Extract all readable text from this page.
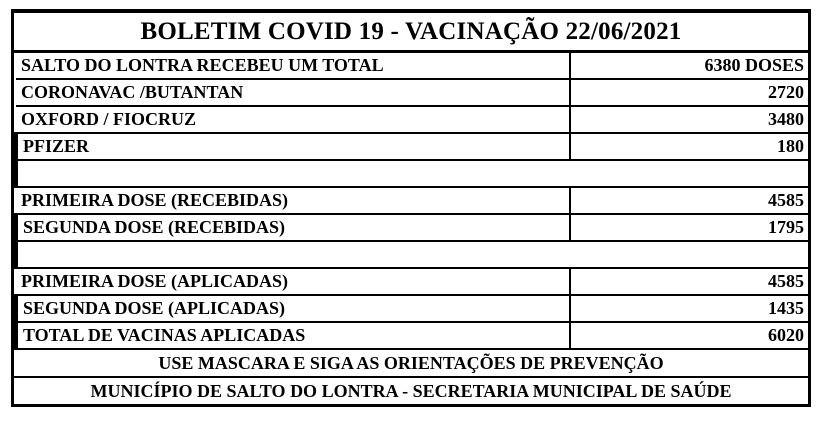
BOLETIM COVID 19 - VACINAÇÃO 22/06/2021
SALTO DO LONTRA RECEBEU UM TOTAL	6380 DOSES
CORONAVAC /BUTANTAN	2720
OXFORD / FIOCRUZ	3480
PFIZER	180

PRIMEIRA DOSE (RECEBIDAS)	4585
SEGUNDA DOSE (RECEBIDAS)	1795

PRIMEIRA DOSE (APLICADAS)	4585
SEGUNDA DOSE (APLICADAS)	1435
TOTAL DE VACINAS APLICADAS	6020
USE MASCARA E SIGA AS ORIENTAÇÕES DE PREVENÇÃO
MUNICÍPIO DE SALTO DO LONTRA - SECRETARIA MUNICIPAL DE SAÚDE
